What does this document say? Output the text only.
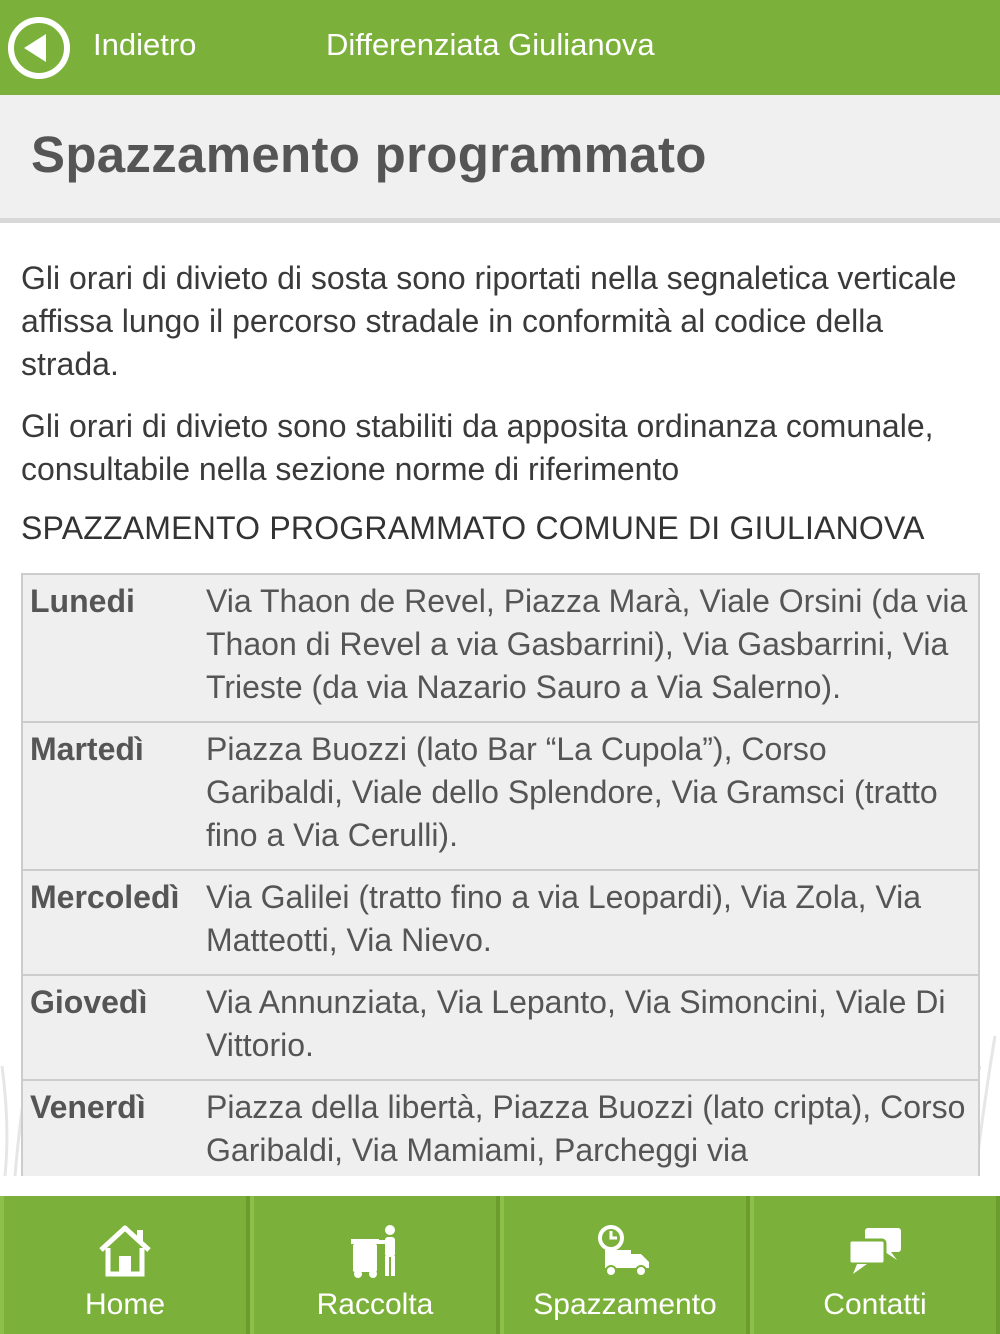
Indietro	Differenziata Giulianova
Spazzamento programmato
Gli orari di divieto di sosta sono riportati nella segnaletica verticale affissa lungo il percorso stradale in conformità al codice della strada.
Gli orari di divieto sono stabiliti da apposita ordinanza comunale, consultabile nella sezione norme di riferimento
SPAZZAMENTO PROGRAMMATO COMUNE DI GIULIANOVA
Lunedi	Via Thaon de Revel, Piazza Marà, Viale Orsini (da via Thaon di Revel a via Gasbarrini), Via Gasbarrini, Via Trieste (da via Nazario Sauro a Via Salerno).
Martedì	Piazza Buozzi (lato Bar “La Cupola”), Corso Garibaldi, Viale dello Splendore, Via Gramsci (tratto fino a Via Cerulli).
Mercoledì Via Galilei (tratto fino a via Leopardi), Via Zola, Via Matteotti, Via Nievo.
Giovedì	Via Annunziata, Via Lepanto, Via Simoncini, Viale Di Vittorio.
Venerdì	Piazza della libertà, Piazza Buozzi (lato cripta), Corso Garibaldi, Via Mamiami, Parcheggi via
Home	Raccolta	Spazzamento	Contatti
